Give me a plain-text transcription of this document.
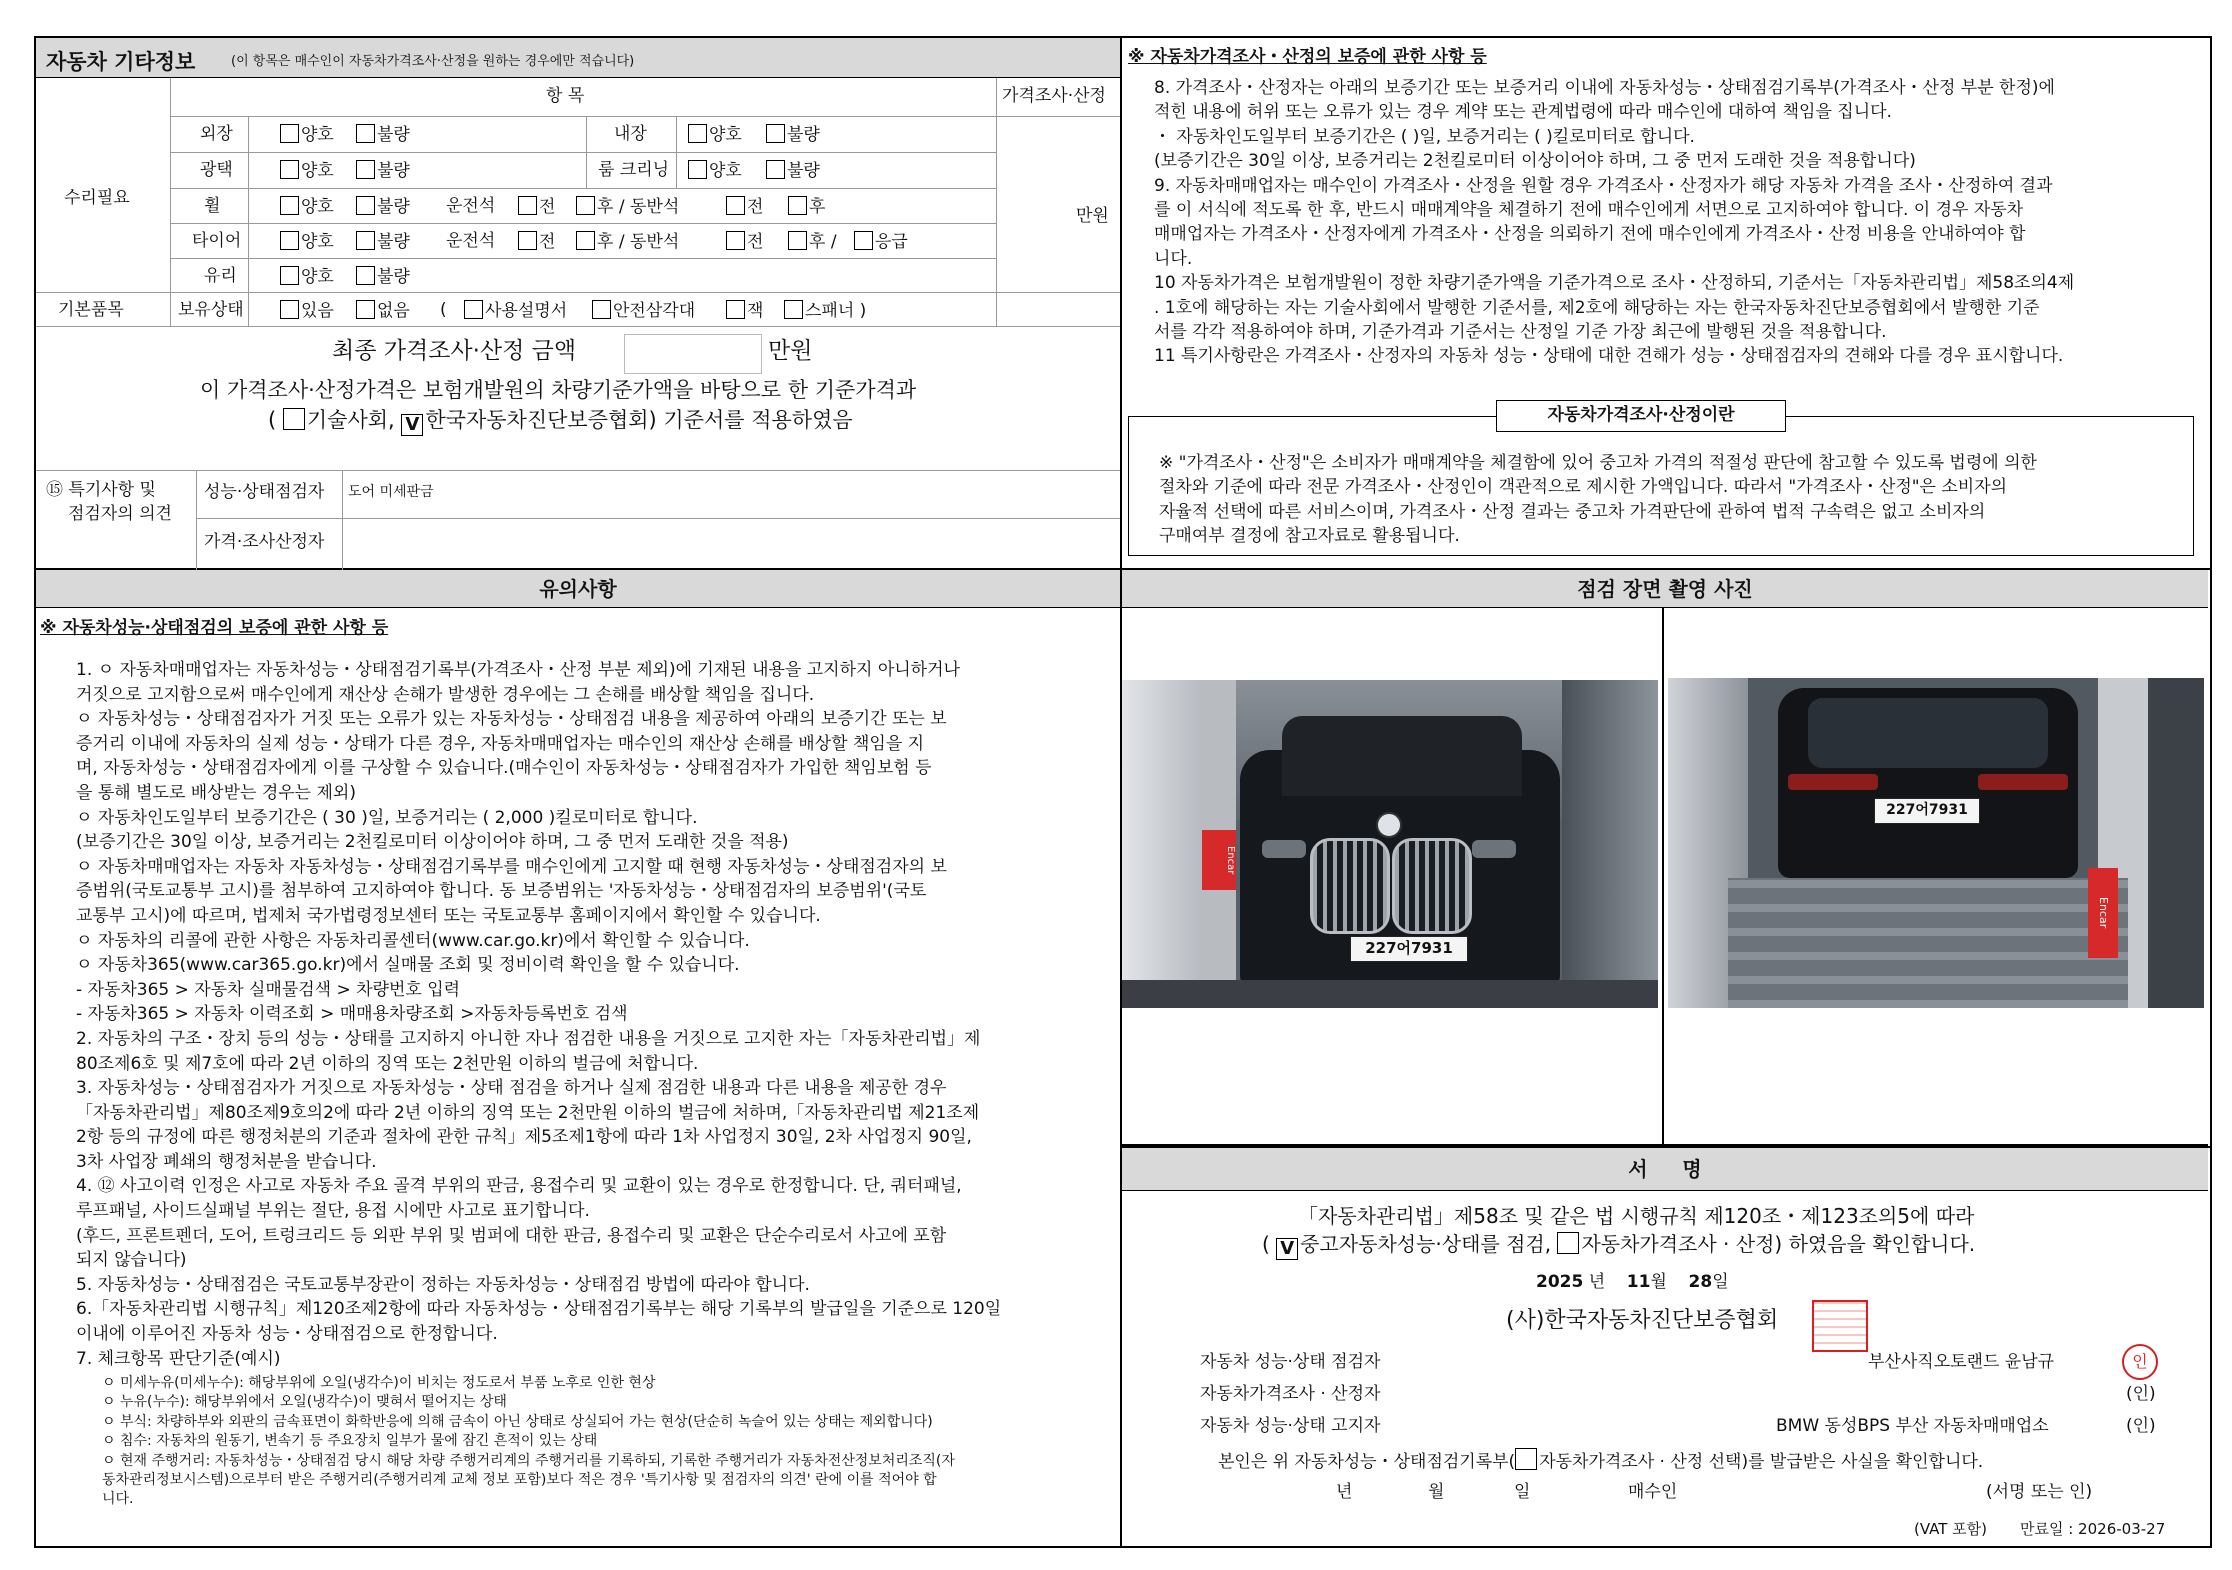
자동차 기타정보	(이 항목은 매수인이 자동차가격조사·산정을 원하는 경우에만 적습니다)
항 목	가격조사·산정
수리필요
만원
외장	양호	불량	내장	양호	불량
광택	양호	불량	룸 크리닝	양호	불량
휠	양호	불량 운전석	전	후 / 동반석	전	후
타이어	양호	불량 운전석	전	후 / 동반석	전	후 /	응급
유리	양호	불량
기본품목	보유상태	있음	없음 (	사용설명서	안전삼각대	잭	스패너 )
최종 가격조사·산정 금액	만원
이 가격조사·산정가격은 보험개발원의 차량기준가액을 바탕으로 한 기준가격과
( 기술사회, V 한국자동차진단보증협회) 기준서를 적용하였음
⑮ 특기사항 및
점검자의 의견
성능·상태점검자 도어 미세판금
가격·조사산정자
※ 자동차가격조사・산정의 보증에 관한 사항 등
8. 가격조사・산정자는 아래의 보증기간 또는 보증거리 이내에 자동차성능・상태점검기록부(가격조사・산정 부분 한정)에
적힌 내용에 허위 또는 오류가 있는 경우 계약 또는 관계법령에 따라 매수인에 대하여 책임을 집니다.
・ 자동차인도일부터 보증기간은 ( )일, 보증거리는 ( )킬로미터로 합니다.
(보증기간은 30일 이상, 보증거리는 2천킬로미터 이상이어야 하며, 그 중 먼저 도래한 것을 적용합니다)
9. 자동차매매업자는 매수인이 가격조사・산정을 원할 경우 가격조사・산정자가 해당 자동차 가격을 조사・산정하여 결과
를 이 서식에 적도록 한 후, 반드시 매매계약을 체결하기 전에 매수인에게 서면으로 고지하여야 합니다. 이 경우 자동차
매매업자는 가격조사・산정자에게 가격조사・산정을 의뢰하기 전에 매수인에게 가격조사・산정 비용을 안내하여야 합
니다.
10 자동차가격은 보험개발원이 정한 차량기준가액을 기준가격으로 조사・산정하되, 기준서는「자동차관리법」제58조의4제
. 1호에 해당하는 자는 기술사회에서 발행한 기준서를, 제2호에 해당하는 자는 한국자동차진단보증협회에서 발행한 기준
서를 각각 적용하여야 하며, 기준가격과 기준서는 산정일 기준 가장 최근에 발행된 것을 적용합니다.
11 특기사항란은 가격조사・산정자의 자동차 성능・상태에 대한 견해가 성능・상태점검자의 견해와 다를 경우 표시합니다.
※ "가격조사・산정"은 소비자가 매매계약을 체결함에 있어 중고차 가격의 적절성 판단에 참고할 수 있도록 법령에 의한
절차와 기준에 따라 전문 가격조사・산정인이 객관적으로 제시한 가액입니다. 따라서 "가격조사・산정"은 소비자의
자율적 선택에 따른 서비스이며, 가격조사・산정 결과는 중고차 가격판단에 관하여 법적 구속력은 없고 소비자의
구매여부 결정에 참고자료로 활용됩니다.
자동차가격조사·산정이란
유의사항
※ 자동차성능·상태점검의 보증에 관한 사항 등
1. ㅇ 자동차매매업자는 자동차성능・상태점검기록부(가격조사・산정 부분 제외)에 기재된 내용을 고지하지 아니하거나
거짓으로 고지함으로써 매수인에게 재산상 손해가 발생한 경우에는 그 손해를 배상할 책임을 집니다.
ㅇ 자동차성능・상태점검자가 거짓 또는 오류가 있는 자동차성능・상태점검 내용을 제공하여 아래의 보증기간 또는 보
증거리 이내에 자동차의 실제 성능・상태가 다른 경우, 자동차매매업자는 매수인의 재산상 손해를 배상할 책임을 지
며, 자동차성능・상태점검자에게 이를 구상할 수 있습니다.(매수인이 자동차성능・상태점검자가 가입한 책임보험 등
을 통해 별도로 배상받는 경우는 제외)
ㅇ 자동차인도일부터 보증기간은 ( 30 )일, 보증거리는 ( 2,000 )킬로미터로 합니다.
(보증기간은 30일 이상, 보증거리는 2천킬로미터 이상이어야 하며, 그 중 먼저 도래한 것을 적용)
ㅇ 자동차매매업자는 자동차 자동차성능・상태점검기록부를 매수인에게 고지할 때 현행 자동차성능・상태점검자의 보
증범위(국토교통부 고시)를 첨부하여 고지하여야 합니다. 동 보증범위는 '자동차성능・상태점검자의 보증범위'(국토
교통부 고시)에 따르며, 법제처 국가법령정보센터 또는 국토교통부 홈페이지에서 확인할 수 있습니다.
ㅇ 자동차의 리콜에 관한 사항은 자동차리콜센터(www.car.go.kr)에서 확인할 수 있습니다.
ㅇ 자동차365(www.car365.go.kr)에서 실매물 조회 및 정비이력 확인을 할 수 있습니다.
- 자동차365 > 자동차 실매물검색 > 차량번호 입력
- 자동차365 > 자동차 이력조회 > 매매용차량조회 >자동차등록번호 검색
2. 자동차의 구조・장치 등의 성능・상태를 고지하지 아니한 자나 점검한 내용을 거짓으로 고지한 자는「자동차관리법」제
80조제6호 및 제7호에 따라 2년 이하의 징역 또는 2천만원 이하의 벌금에 처합니다.
3. 자동차성능・상태점검자가 거짓으로 자동차성능・상태 점검을 하거나 실제 점검한 내용과 다른 내용을 제공한 경우
「자동차관리법」제80조제9호의2에 따라 2년 이하의 징역 또는 2천만원 이하의 벌금에 처하며,「자동차관리법 제21조제
2항 등의 규정에 따른 행정처분의 기준과 절차에 관한 규칙」제5조제1항에 따라 1차 사업정지 30일, 2차 사업정지 90일,
3차 사업장 폐쇄의 행정처분을 받습니다.
4. ⑫ 사고이력 인정은 사고로 자동차 주요 골격 부위의 판금, 용접수리 및 교환이 있는 경우로 한정합니다. 단, 쿼터패널,
루프패널, 사이드실패널 부위는 절단, 용접 시에만 사고로 표기합니다.
(후드, 프론트펜더, 도어, 트렁크리드 등 외판 부위 및 범퍼에 대한 판금, 용접수리 및 교환은 단순수리로서 사고에 포함
되지 않습니다)
5. 자동차성능・상태점검은 국토교통부장관이 정하는 자동차성능・상태점검 방법에 따라야 합니다.
6.「자동차관리법 시행규칙」제120조제2항에 따라 자동차성능・상태점검기록부는 해당 기록부의 발급일을 기준으로 120일
이내에 이루어진 자동차 성능・상태점검으로 한정합니다.
7. 체크항목 판단기준(예시)
ㅇ 미세누유(미세누수): 해당부위에 오일(냉각수)이 비치는 정도로서 부품 노후로 인한 현상
ㅇ 누유(누수): 해당부위에서 오일(냉각수)이 맺혀서 떨어지는 상태
ㅇ 부식: 차량하부와 외판의 금속표면이 화학반응에 의해 금속이 아닌 상태로 상실되어 가는 현상(단순히 녹슬어 있는 상태는 제외합니다)
ㅇ 침수: 자동차의 원동기, 변속기 등 주요장치 일부가 물에 잠긴 흔적이 있는 상태
ㅇ 현재 주행거리: 자동차성능・상태점검 당시 해당 차량 주행거리계의 주행거리를 기록하되, 기록한 주행거리가 자동차전산정보처리조직(자
동차관리정보시스템)으로부터 받은 주행거리(주행거리계 교체 정보 포함)보다 적은 경우 '특기사항 및 점검자의 의견' 란에 이를 적어야 합
니다.
점검 장면 촬영 사진
Encar
227어7931
227어7931
Encar
서     명
「자동차관리법」제58조 및 같은 법 시행규칙 제120조・제123조의5에 따라
( V 중고자동차성능·상태를 점검, 자동차가격조사 · 산정) 하였음을 확인합니다.
2025 년 11월 28일
(사)한국자동차진단보증협회
자동차 성능·상태 점검자	부산사직오토랜드 윤남규	인
자동차가격조사 · 산정자	(인)
자동차 성능·상태 고지자	BMW 동성BPS 부산 자동차매매업소	(인)
본인은 위 자동차성능・상태점검기록부( 자동차가격조사 · 산정 선택)를 발급받은 사실을 확인합니다.
년	월	일	매수인	(서명 또는 인)
(VAT 포함) 만료일 : 2026-03-27
